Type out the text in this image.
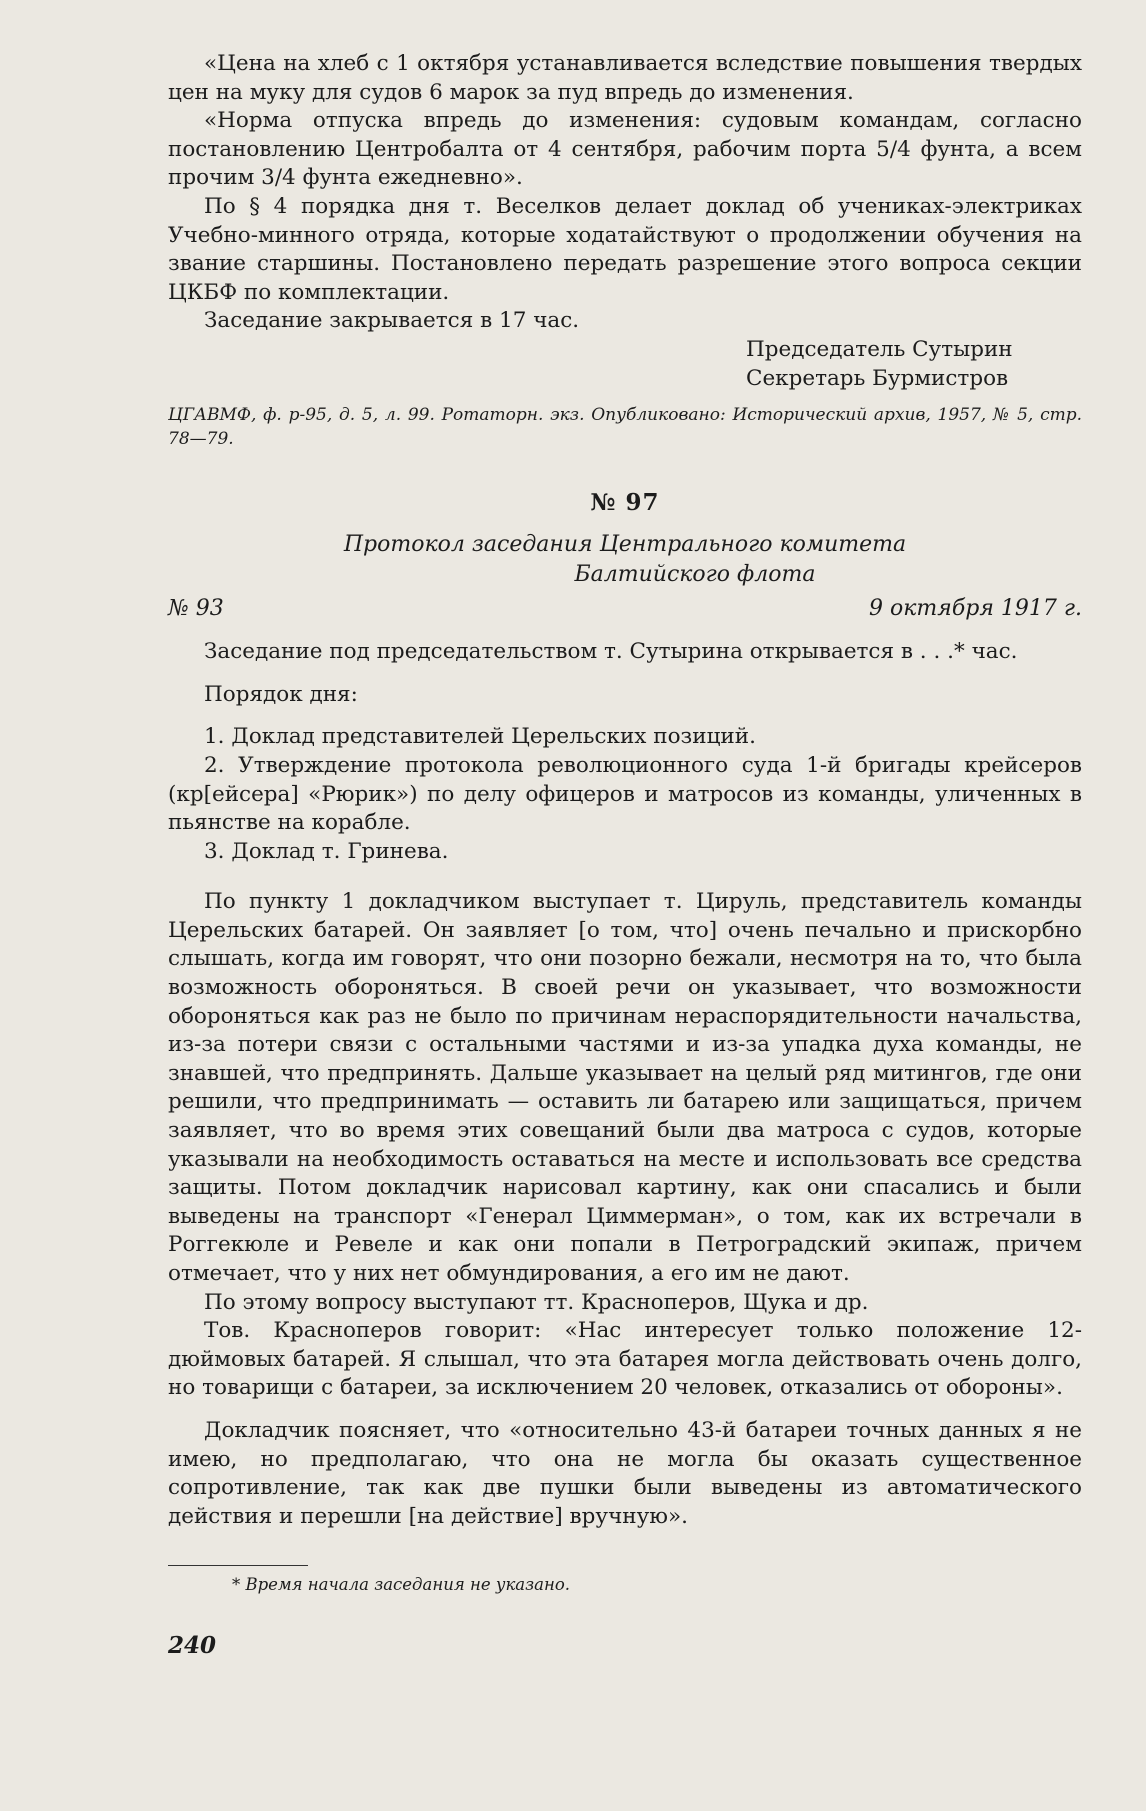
«Цена на хлеб с 1 октября устанавливается вследствие повышения твердых цен на муку для судов 6 марок за пуд впредь до изменения.

«Норма отпуска впредь до изменения: судовым командам, согласно постановлению Центробалта от 4 сентября, рабочим порта 5/4 фунта, а всем прочим 3/4 фунта ежедневно».

По § 4 порядка дня т. Веселков делает доклад об учениках-электриках Учебно-минного отряда, которые ходатайствуют о продолжении обучения на звание старшины. Постановлено передать разрешение этого вопроса секции ЦКБФ по комплектации.

Заседание закрывается в 17 час.

Председатель Сутырин

Секретарь Бурмистров

ЦГАВМФ, ф. р-95, д. 5, л. 99. Ротаторн. экз. Опубликовано: Исторический архив, 1957, № 5, стр. 78—79.
№ 97
Протокол заседания Центрального комитета
Балтийского флота
№ 93	9 октября 1917 г.

Заседание под председательством т. Сутырина открывается в . . .* час.

Порядок дня:

1. Доклад представителей Церельских позиций.

2. Утверждение протокола революционного суда 1-й бригады крейсеров (кр[ейсера] «Рюрик») по делу офицеров и матросов из команды, уличенных в пьянстве на корабле.

3. Доклад т. Гринева.

По пункту 1 докладчиком выступает т. Цируль, представитель команды Церельских батарей. Он заявляет [о том, что] очень печально и прискорбно слышать, когда им говорят, что они позорно бежали, несмотря на то, что была возможность обороняться. В своей речи он указывает, что возможности обороняться как раз не было по причинам нераспорядительности начальства, из-за потери связи с остальными частями и из-за упадка духа команды, не знавшей, что предпринять. Дальше указывает на целый ряд митингов, где они решили, что предпринимать — оставить ли батарею или защищаться, причем заявляет, что во время этих совещаний были два матроса с судов, которые указывали на необходимость оставаться на месте и использовать все средства защиты. Потом докладчик нарисовал картину, как они спасались и были выведены на транспорт «Генерал Циммерман», о том, как их встречали в Роггекюле и Ревеле и как они попали в Петроградский экипаж, причем отмечает, что у них нет обмундирования, а его им не дают.

По этому вопросу выступают тт. Красноперов, Щука и др.

Тов. Красноперов говорит: «Нас интересует только положение 12-дюймовых батарей. Я слышал, что эта батарея могла действовать очень долго, но товарищи с батареи, за исключением 20 человек, отказались от обороны».

Докладчик поясняет, что «относительно 43-й батареи точных данных я не имею, но предполагаю, что она не могла бы оказать существенное сопротивление, так как две пушки были выведены из автоматического действия и перешли [на действие] вручную».

* Время начала заседания не указано.
240
